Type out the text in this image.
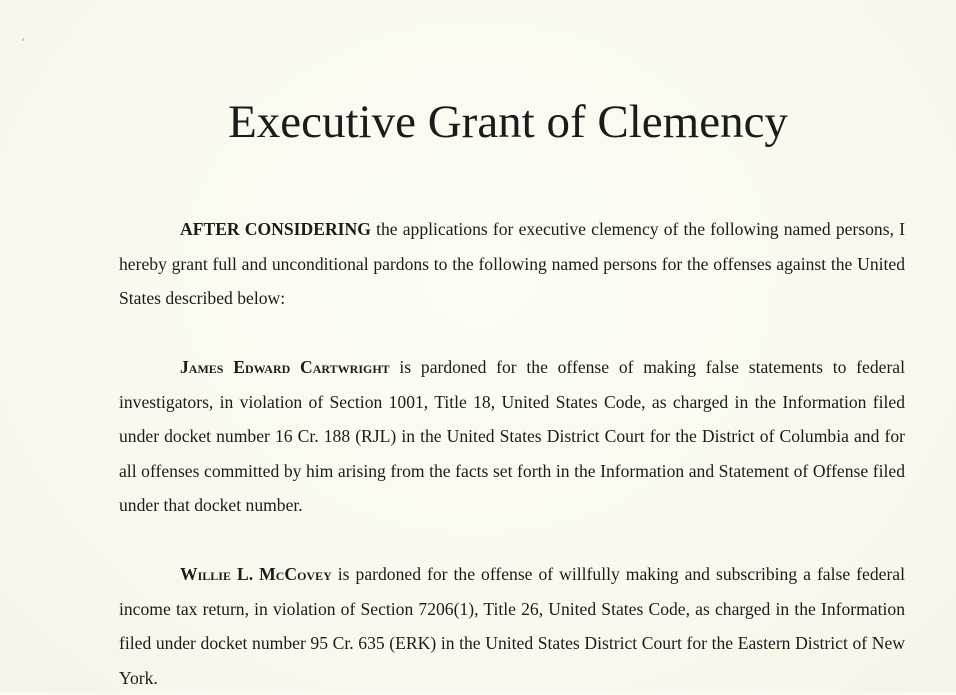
Executive Grant of Clemency

AFTER CONSIDERING the applications for executive clemency of the following named persons, I hereby grant full and unconditional pardons to the following named persons for the offenses against the United States described below:

James Edward Cartwright is pardoned for the offense of making false statements to federal investigators, in violation of Section 1001, Title 18, United States Code, as charged in the Information filed under docket number 16 Cr. 188 (RJL) in the United States District Court for the District of Columbia and for all offenses committed by him arising from the facts set forth in the Information and Statement of Offense filed under that docket number.

Willie L. McCovey is pardoned for the offense of willfully making and subscribing a false federal income tax return, in violation of Section 7206(1), Title 26, United States Code, as charged in the Information filed under docket number 95 Cr. 635 (ERK) in the United States District Court for the Eastern District of New York.
